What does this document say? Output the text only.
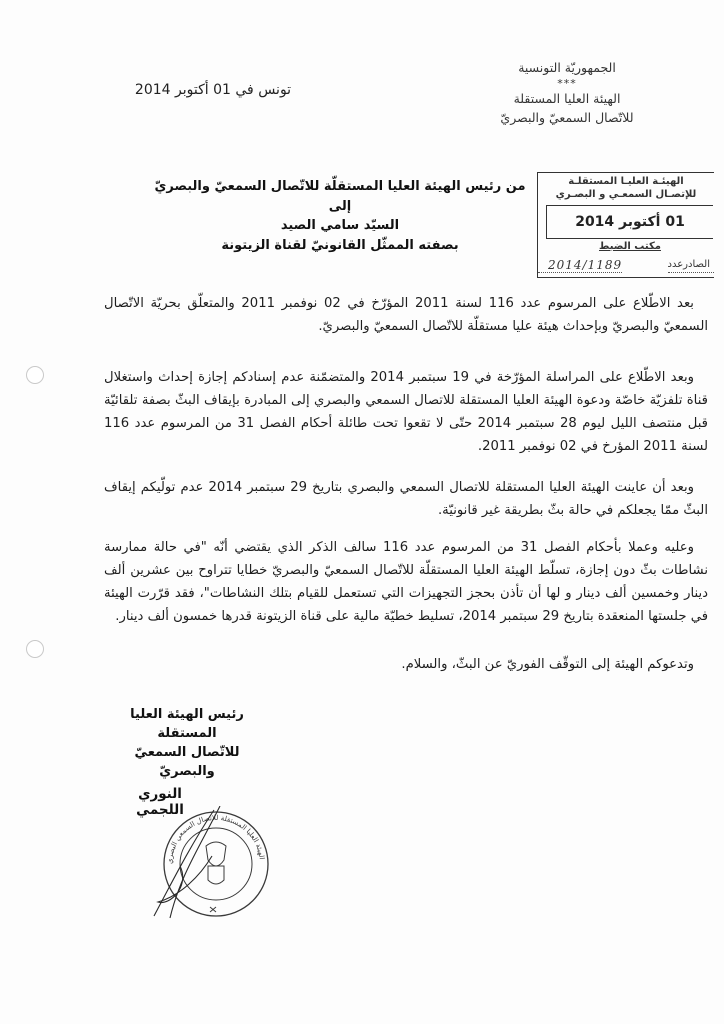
الجمهوريّة التونسية
***
الهيئة العليا المستقلة
للاتّصال السمعيّ والبصريّ
تونس في 01 أكتوبر 2014
من رئيس الهيئة العليا المستقلّة للاتّصال السمعيّ والبصريّ
إلى
السيّد سامي الصيد
بصفته الممثّل القانونيّ لقناة الزيتونة
الهيئـة العليـا المستقلـة
للإتصـال السمعـي و البصـري
01 أكتوبر 2014
مكتب الضبط
الصادرعدد
2014/1189

بعد الاطّلاع على المرسوم عدد 116 لسنة 2011 المؤرّخ في 02 نوفمبر 2011 والمتعلّق بحريّة الاتّصال السمعيّ والبصريّ وبإحداث هيئة عليا مستقلّة للاتّصال السمعيّ والبصريّ.

وبعد الاطّلاع على المراسلة المؤرّخة في 19 سبتمبر 2014 والمتضمّنة عدم إسنادكم إجازة إحداث واستغلال قناة تلفزيّة خاصّة ودعوة الهيئة العليا المستقلة للاتصال السمعي والبصري إلى المبادرة بإيقاف البثّ بصفة تلقائيّة قبل منتصف الليل ليوم 28 سبتمبر 2014 حتّى لا تقعوا تحت طائلة أحكام الفصل 31 من المرسوم عدد 116 لسنة 2011 المؤرخ في 02 نوفمبر 2011.

وبعد أن عاينت الهيئة العليا المستقلة للاتصال السمعي والبصري بتاريخ 29 سبتمبر 2014 عدم تولّيكم إيقاف البثّ ممّا يجعلكم في حالة بثّ بطريقة غير قانونيّة.

وعليه وعملا بأحكام الفصل 31 من المرسوم عدد 116 سالف الذكر الذي يقتضي أنّه "في حالة ممارسة نشاطات بثّ دون إجازة، تسلّط الهيئة العليا المستقلّة للاتّصال السمعيّ والبصريّ خطايا تتراوح بين عشرين ألف دينار وخمسين ألف دينار و لها أن تأذن بحجز التجهيزات التي تستعمل للقيام بتلك النشاطات"، فقد قرّرت الهيئة في جلستها المنعقدة بتاريخ 29 سبتمبر 2014، تسليط خطيّة مالية على قناة الزيتونة قدرها خمسون ألف دينار.

وتدعوكم الهيئة إلى التوقّف الفوريّ عن البثّ، والسلام.

رئيس الهيئة العليا المستقلة
للاتّصال السمعيّ والبصريّ
النوري اللجمي
الهيئة العليا المستقلة للاتصال السمعي البصري
